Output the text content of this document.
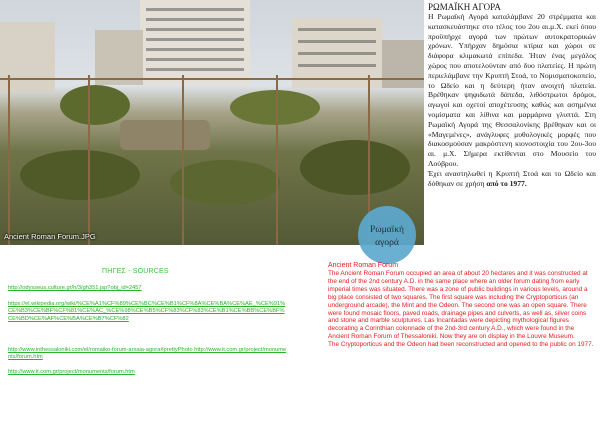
Ancient Roman Forum.JPG
ΡΩΜΑΪΚΗ ΑΓΟΡΑ
Η Ρωμαϊκή Αγορά καταλάμβανε 20 στρέμματα και κατασκευάστηκε στο τέλος του 2ου αι.μ.Χ. εκεί όπου προϋπήρχε αγορά των πρώτων αυτοκρατορικών χρόνων. Υπήρχαν δημόσια κτίρια και χώροι σε διάφορα κλιμακωτά επίπεδα. Ήταν ένας μεγάλος χώρος που αποτελούνταν από δυο πλατείες. Η πρώτη περιελάμβανε την Κρυπτή Στοά, το Νομισματοκοπείο, το Ωδείο και η δεύτερη ήταν ανοιχτή πλατεία. Βρέθηκαν ψηφιδωτά δάπεδα, λιθόστρωτοι δρόμοι, αγωγοί και οχετοί αποχέτευσης καθώς και ασημένια νομίσματα και λίθινα και μαρμάρινα γλυπτά. Στη Ρωμαϊκή Αγορά της Θεσσαλονίκης βρέθηκαν και οι «Μαγεμένες», ανάγλυφες μυθολογικές μορφές που διακοσμούσαν μακρόστενη κιονοστοιχία του 2ου-3ου αι. μ.Χ. Σήμερα εκτίθενται στο Μουσείο του Λούβρου.
Έχει αναστηλωθεί η Κρυπτή Στοά και το Ωδείο και δόθηκαν σε χρήση από το 1977.
Ρωμαϊκή
αγορά
ΠΗΓΕΣ - SOURCES
http://odysseus.culture.gr/h/3/gh351.jsp?obj_id=2457
https://el.wikipedia.org/wiki/%CE%A1%CF%89%CE%BC%CE%B1%CF%8A%CE%BA%CE%AE_%CE%91%CE%B3%CE%BF%CF%81%CE%AC_%CE%98%CE%B5%CF%83%CF%83%CE%B1%CE%BB%CE%BF%CE%BD%CE%AF%CE%BA%CE%B7%CF%82
http://www.inthessaloniki.com/el/romaiko-forum-arxaia-agora#prettyPhoto http://www.it.com.gr/project/monuments/forum.htm
http://www.it.com.gr/project/monuments/forum.htm
Ancient Roman Forum
The Ancient Roman Forum occupied an area of about 20 hectares and it was constructed at the end of the 2nd century A.D. in the same place where an older forum dating from early imperial times was situated. There was a zone of public buildings in various levels, around a big place consisted of two squares. The first square was including the Cryptoporticus (an underground arcade), the Mint and the Odeon. The second one was an open square. There were found mosaic floors, paved roads, drainage pipes and culverts, as well as, silver coins and stone and marble sculptures. Las Incantadas were depicting mythological figures decorating a Corinthian colonnade of the 2nd-3rd century A.D., which were found in the Ancient Roman Forum of Thessaloniki. Now they are on display in the Louvre Museum.
The Cryptoporticus and the Odeon had been reconstructed and opened to the public on 1977.
